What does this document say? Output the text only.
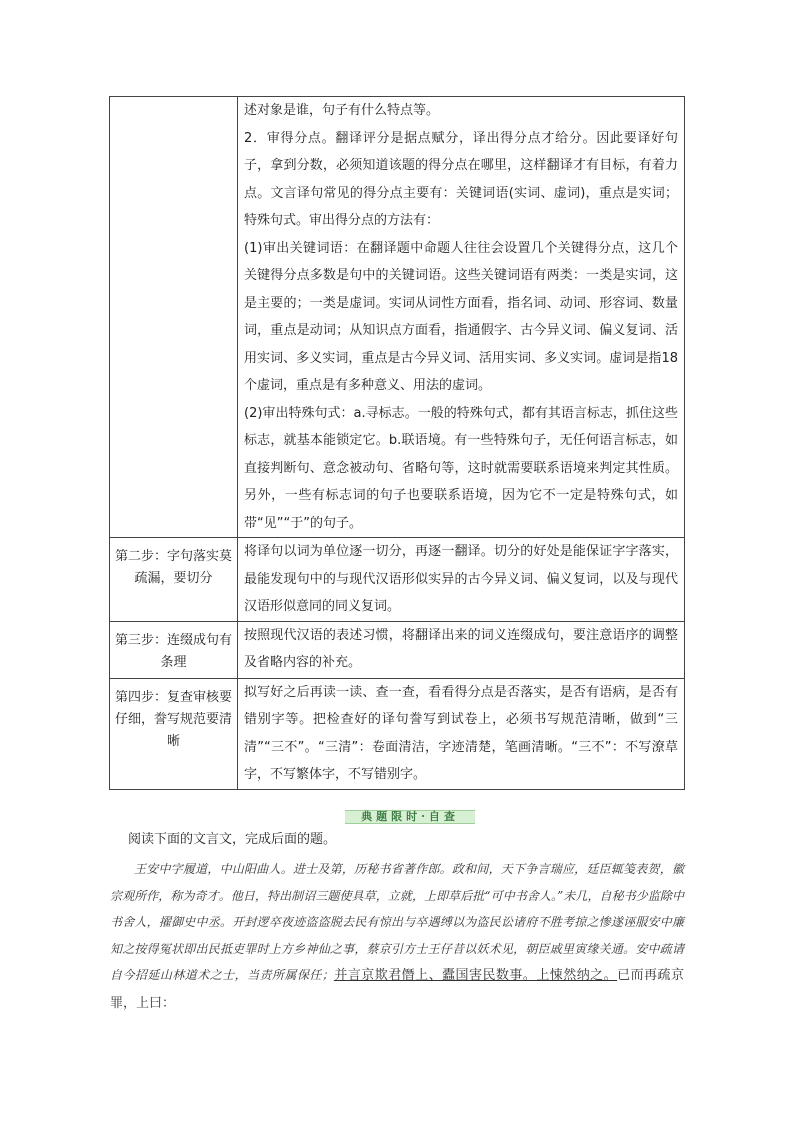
	述对象是谁，句子有什么特点等。

2．审得分点。翻译评分是据点赋分，译出得分点才给分。因此要译好句子，拿到分数，必须知道该题的得分点在哪里，这样翻译才有目标，有着力点。文言译句常见的得分点主要有：关键词语(实词、虚词)，重点是实词；特殊句式。审出得分点的方法有：

(1)审出关键词语：在翻译题中命题人往往会设置几个关键得分点，这几个关键得分点多数是句中的关键词语。这些关键词语有两类：一类是实词，这是主要的；一类是虚词。实词从词性方面看，指名词、动词、形容词、数量词，重点是动词；从知识点方面看，指通假字、古今异义词、偏义复词、活用实词、多义实词，重点是古今异义词、活用实词、多义实词。虚词是指18个虚词，重点是有多种意义、用法的虚词。

(2)审出特殊句式：a.寻标志。一般的特殊句式，都有其语言标志，抓住这些标志，就基本能锁定它。b.联语境。有一些特殊句子，无任何语言标志，如直接判断句、意念被动句、省略句等，这时就需要联系语境来判定其性质。另外，一些有标志词的句子也要联系语境，因为它不一定是特殊句式，如带“见”“于”的句子。

第二步：字句落实莫疏漏，要切分	将译句以词为单位逐一切分，再逐一翻译。切分的好处是能保证字字落实，最能发现句中的与现代汉语形似实异的古今异义词、偏义复词，以及与现代汉语形似意同的同义复词。
第三步：连缀成句有条理	按照现代汉语的表述习惯，将翻译出来的词义连缀成句，要注意语序的调整及省略内容的补充。
第四步：复查审核要仔细，誊写规范要清晰	拟写好之后再读一读、查一查，看看得分点是否落实，是否有语病，是否有错别字等。把检查好的译句誊写到试卷上，必须书写规范清晰，做到“三清”“三不”。“三清”：卷面清洁，字迹清楚，笔画清晰。“三不”：不写潦草字，不写繁体字，不写错别字。
典题限时·自查
阅读下面的文言文，完成后面的题。

王安中字履道，中山阳曲人。进士及第，历秘书省著作郎。政和间，天下争言瑞应，廷臣辄笺表贺，徽宗观所作，称为奇才。他日，特出制诏三题使具草，立就，上即草后批“可中书舍人。”未几，自秘书少监除中书舍人，擢御史中丞。开封逻卒夜迹盗盗脱去民有惊出与卒遇缚以为盗民讼诸府不胜考掠之惨遂诬服安中廉知之按得冤状即出民抵吏罪时上方乡神仙之事，蔡京引方士王仔昔以妖术见，朝臣戚里寅缘关通。安中疏请自今招延山林道术之士，当责所属保任；并言京欺君僭上、蠹国害民数事。上悚然纳之。已而再疏京罪，上曰：
